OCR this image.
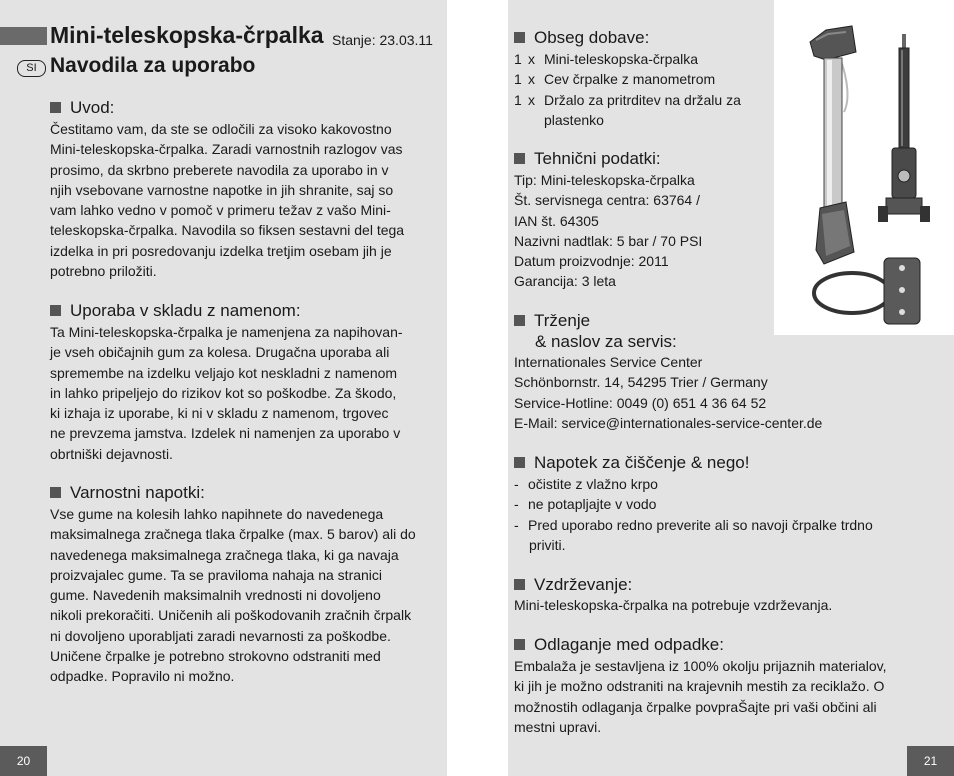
Mini-teleskopska-črpalka Stanje: 23.03.11
SI Navodila za uporabo
Uvod:

Čestitamo vam, da ste se odločili za visoko kakovostno

Mini-teleskopska-črpalka. Zaradi varnostnih razlogov vas

prosimo, da skrbno preberete navodila za uporabo in v

njih vsebovane varnostne napotke in jih shranite, saj so

vam lahko vedno v pomoč v primeru težav z vašo Mini-

teleskopska-črpalka. Navodila so fiksen sestavni del tega

izdelka in pri posredovanju izdelka tretjim osebam jih je

potrebno priložiti.

Uporaba v skladu z namenom:

Ta Mini-teleskopska-črpalka je namenjena za napihovan-

je vseh običajnih gum za kolesa. Drugačna uporaba ali

spremembe na izdelku veljajo kot neskladni z namenom

in lahko pripeljejo do rizikov kot so poškodbe. Za škodo,

ki izhaja iz uporabe, ki ni v skladu z namenom, trgovec

ne prevzema jamstva. Izdelek ni namenjen za uporabo v

obrtniški dejavnosti.

Varnostni napotki:

Vse gume na kolesih lahko napihnete do navedenega

maksimalnega zračnega tlaka črpalke (max. 5 barov) ali do

navedenega maksimalnega zračnega tlaka, ki ga navaja

proizvajalec gume. Ta se praviloma nahaja na stranici

gume. Navedenih maksimalnih vrednosti ni dovoljeno

nikoli prekoračiti. Uničenih ali poškodovanih zračnih črpalk

ni dovoljeno uporabljati zaradi nevarnosti za poškodbe.

Uničene črpalke je potrebno strokovno odstraniti med

odpadke. Popravilo ni možno.

20
Obseg dobave:
1 x Mini-teleskopska-črpalka
1 x Cev črpalke z manometrom
1 x Držalo za pritrditev na držalu za
plastenko
Tehnični podatki:

Tip: Mini-teleskopska-črpalka

Št. servisnega centra: 63764 /

IAN št. 64305

Nazivni nadtlak: 5 bar / 70 PSI

Datum proizvodnje: 2011

Garancija: 3 leta

Trženje
& naslov za servis:

Internationales Service Center

Schönbornstr. 14, 54295 Trier / Germany

Service-Hotline: 0049 (0) 651 4 36 64 52

E-Mail: service@internationales-service-center.de

Napotek za čiščenje & nego!
- očistite z vlažno krpo
- ne potapljajte v vodo
- Pred uporabo redno preverite ali so navoji črpalke trdno
priviti.
Vzdrževanje:

Mini-teleskopska-črpalka na potrebuje vzdrževanja.

Odlaganje med odpadke:

Embalaža je sestavljena iz 100% okolju prijaznih materialov,

ki jih je možno odstraniti na krajevnih mestih za reciklažo. O

možnostih odlaganja črpalke povpraŠajte pri vaši občini ali

mestni upravi.

21
